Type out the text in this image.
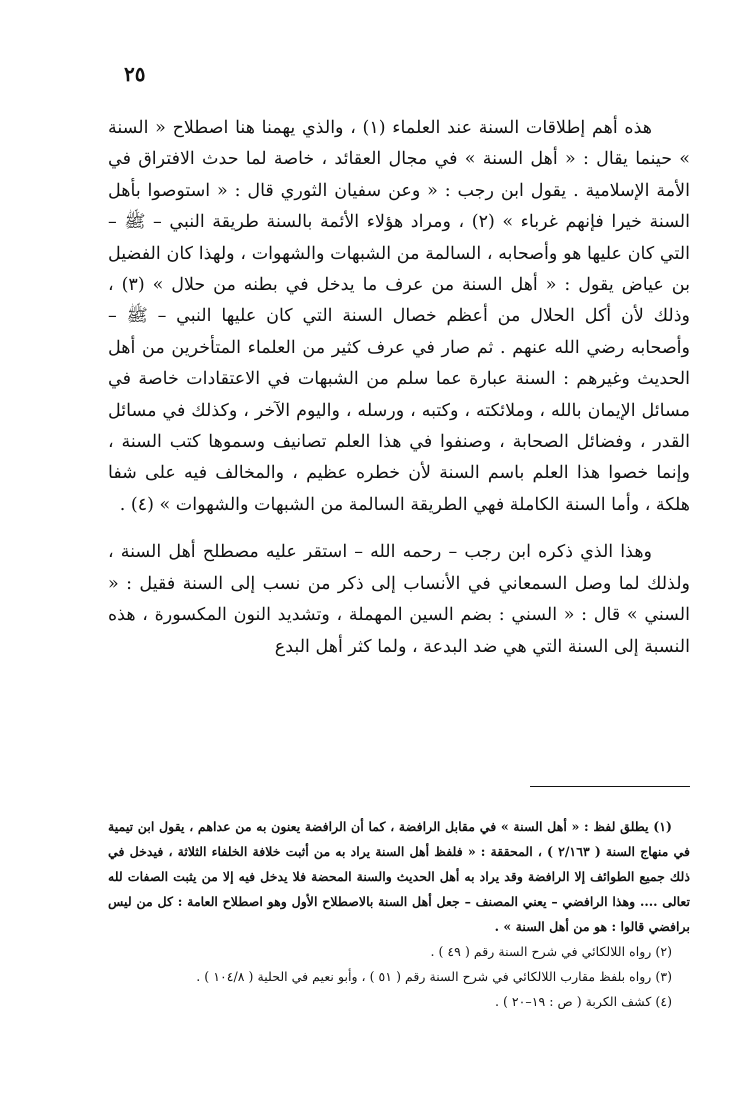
٢٥

هذه أهم إطلاقات السنة عند العلماء (١) ، والذي يهمنا هنا اصطلاح « السنة » حينما يقال : « أهل السنة » في مجال العقائد ، خاصة لما حدث الافتراق في الأمة الإسلامية . يقول ابن رجب : « وعن سفيان الثوري قال : « استوصوا بأهل السنة خيرا فإنهم غرباء » (٢) ، ومراد هؤلاء الأئمة بالسنة طريقة النبي – ﷺ – التي كان عليها هو وأصحابه ، السالمة من الشبهات والشهوات ، ولهذا كان الفضيل بن عياض يقول : « أهل السنة من عرف ما يدخل في بطنه من حلال » (٣) ، وذلك لأن أكل الحلال من أعظم خصال السنة التي كان عليها النبي – ﷺ – وأصحابه رضي الله عنهم . ثم صار في عرف كثير من العلماء المتأخرين من أهل الحديث وغيرهم : السنة عبارة عما سلم من الشبهات في الاعتقادات خاصة في مسائل الإيمان بالله ، وملائكته ، وكتبه ، ورسله ، واليوم الآخر ، وكذلك في مسائل القدر ، وفضائل الصحابة ، وصنفوا في هذا العلم تصانيف وسموها كتب السنة ، وإنما خصوا هذا العلم باسم السنة لأن خطره عظيم ، والمخالف فيه على شفا هلكة ، وأما السنة الكاملة فهي الطريقة السالمة من الشبهات والشهوات » (٤) .

وهذا الذي ذكره ابن رجب – رحمه الله – استقر عليه مصطلح أهل السنة ، ولذلك لما وصل السمعاني في الأنساب إلى ذكر من نسب إلى السنة فقيل : « السني » قال : « السني : بضم السين المهملة ، وتشديد النون المكسورة ، هذه النسبة إلى السنة التي هي ضد البدعة ، ولما كثر أهل البدع

(١) يطلق لفظ : « أهل السنة » في مقابل الرافضة ، كما أن الرافضة يعنون به من عداهم ، يقول ابن تيمية في منهاج السنة ( ٢/١٦٣ ) ، المحققة : « فلفظ أهل السنة يراد به من أثبت خلافة الخلفاء الثلاثة ، فيدخل في ذلك جميع الطوائف إلا الرافضة وقد يراد به أهل الحديث والسنة المحضة فلا يدخل فيه إلا من يثبت الصفات لله تعالى .... وهذا الرافضي – يعني المصنف – جعل أهل السنة بالاصطلاح الأول وهو اصطلاح العامة : كل من ليس برافضي قالوا : هو من أهل السنة » .

(٢) رواه اللالكائي في شرح السنة رقم ( ٤٩ ) .

(٣) رواه بلفظ مقارب اللالكائي في شرح السنة رقم ( ٥١ ) ، وأبو نعيم في الحلية ( ١٠٤/٨ ) .

(٤) كشف الكربة ( ص : ١٩–٢٠ ) .
